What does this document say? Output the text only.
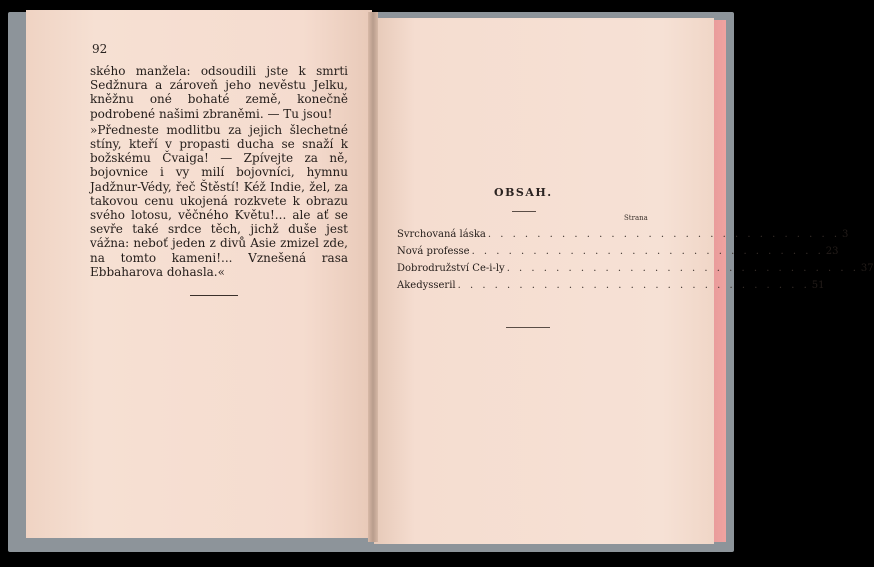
92

ského manžela: odsoudili jste k smrti Sedžnura a zároveň jeho nevěstu Jelku, kněžnu oné bohaté země, konečně podrobené našimi zbraněmi. — Tu jsou!

»Předneste modlitbu za jejich šlechetné stíny, kteří v propasti ducha se snaží k božskému Čvaiga! — Zpívejte za ně, bojovnice i vy milí bojovníci, hymnu Jadžnur-Védy, řeč Štěstí! Kéž Indie, žel, za takovou cenu ukojená rozkvete k obrazu svého lotosu, věčného Květu!... ale ať se sevře také srdce těch, jichž duše jest vážna: neboť jeden z divů Asie zmizel zde, na tomto kameni!... Vznešená rasa Ebbaharova dohasla.«

OBSAH.
Strana
Svrchovaná láska . . . . . . . . . . . . . . . . . . . . . . . . . . . . . 3
Nová professe . . . . . . . . . . . . . . . . . . . . . . . . . . . . . 23
Dobrodružství Ce-i-ly . . . . . . . . . . . . . . . . . . . . . . . . . . . . . 37
Akedysseril . . . . . . . . . . . . . . . . . . . . . . . . . . . . . 51
